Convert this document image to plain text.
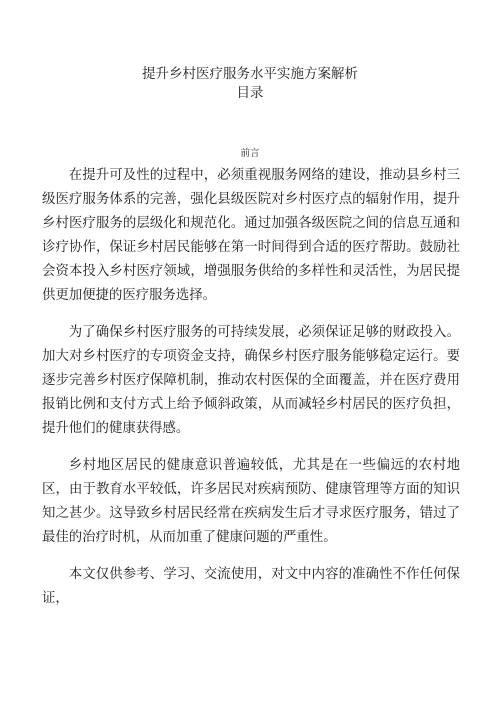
提升乡村医疗服务水平实施方案解析
目录
前言

在提升可及性的过程中，必须重视服务网络的建设，推动县乡村三级医疗服务体系的完善，强化县级医院对乡村医疗点的辐射作用，提升乡村医疗服务的层级化和规范化。通过加强各级医院之间的信息互通和诊疗协作，保证乡村居民能够在第一时间得到合适的医疗帮助。鼓励社会资本投入乡村医疗领域，增强服务供给的多样性和灵活性，为居民提供更加便捷的医疗服务选择。

为了确保乡村医疗服务的可持续发展，必须保证足够的财政投入。加大对乡村医疗的专项资金支持，确保乡村医疗服务能够稳定运行。要逐步完善乡村医疗保障机制，推动农村医保的全面覆盖，并在医疗费用报销比例和支付方式上给予倾斜政策，从而减轻乡村居民的医疗负担，提升他们的健康获得感。

乡村地区居民的健康意识普遍较低，尤其是在一些偏远的农村地区，由于教育水平较低，许多居民对疾病预防、健康管理等方面的知识知之甚少。这导致乡村居民经常在疾病发生后才寻求医疗服务，错过了最佳的治疗时机，从而加重了健康问题的严重性。

本文仅供参考、学习、交流使用，对文中内容的准确性不作任何保证，
